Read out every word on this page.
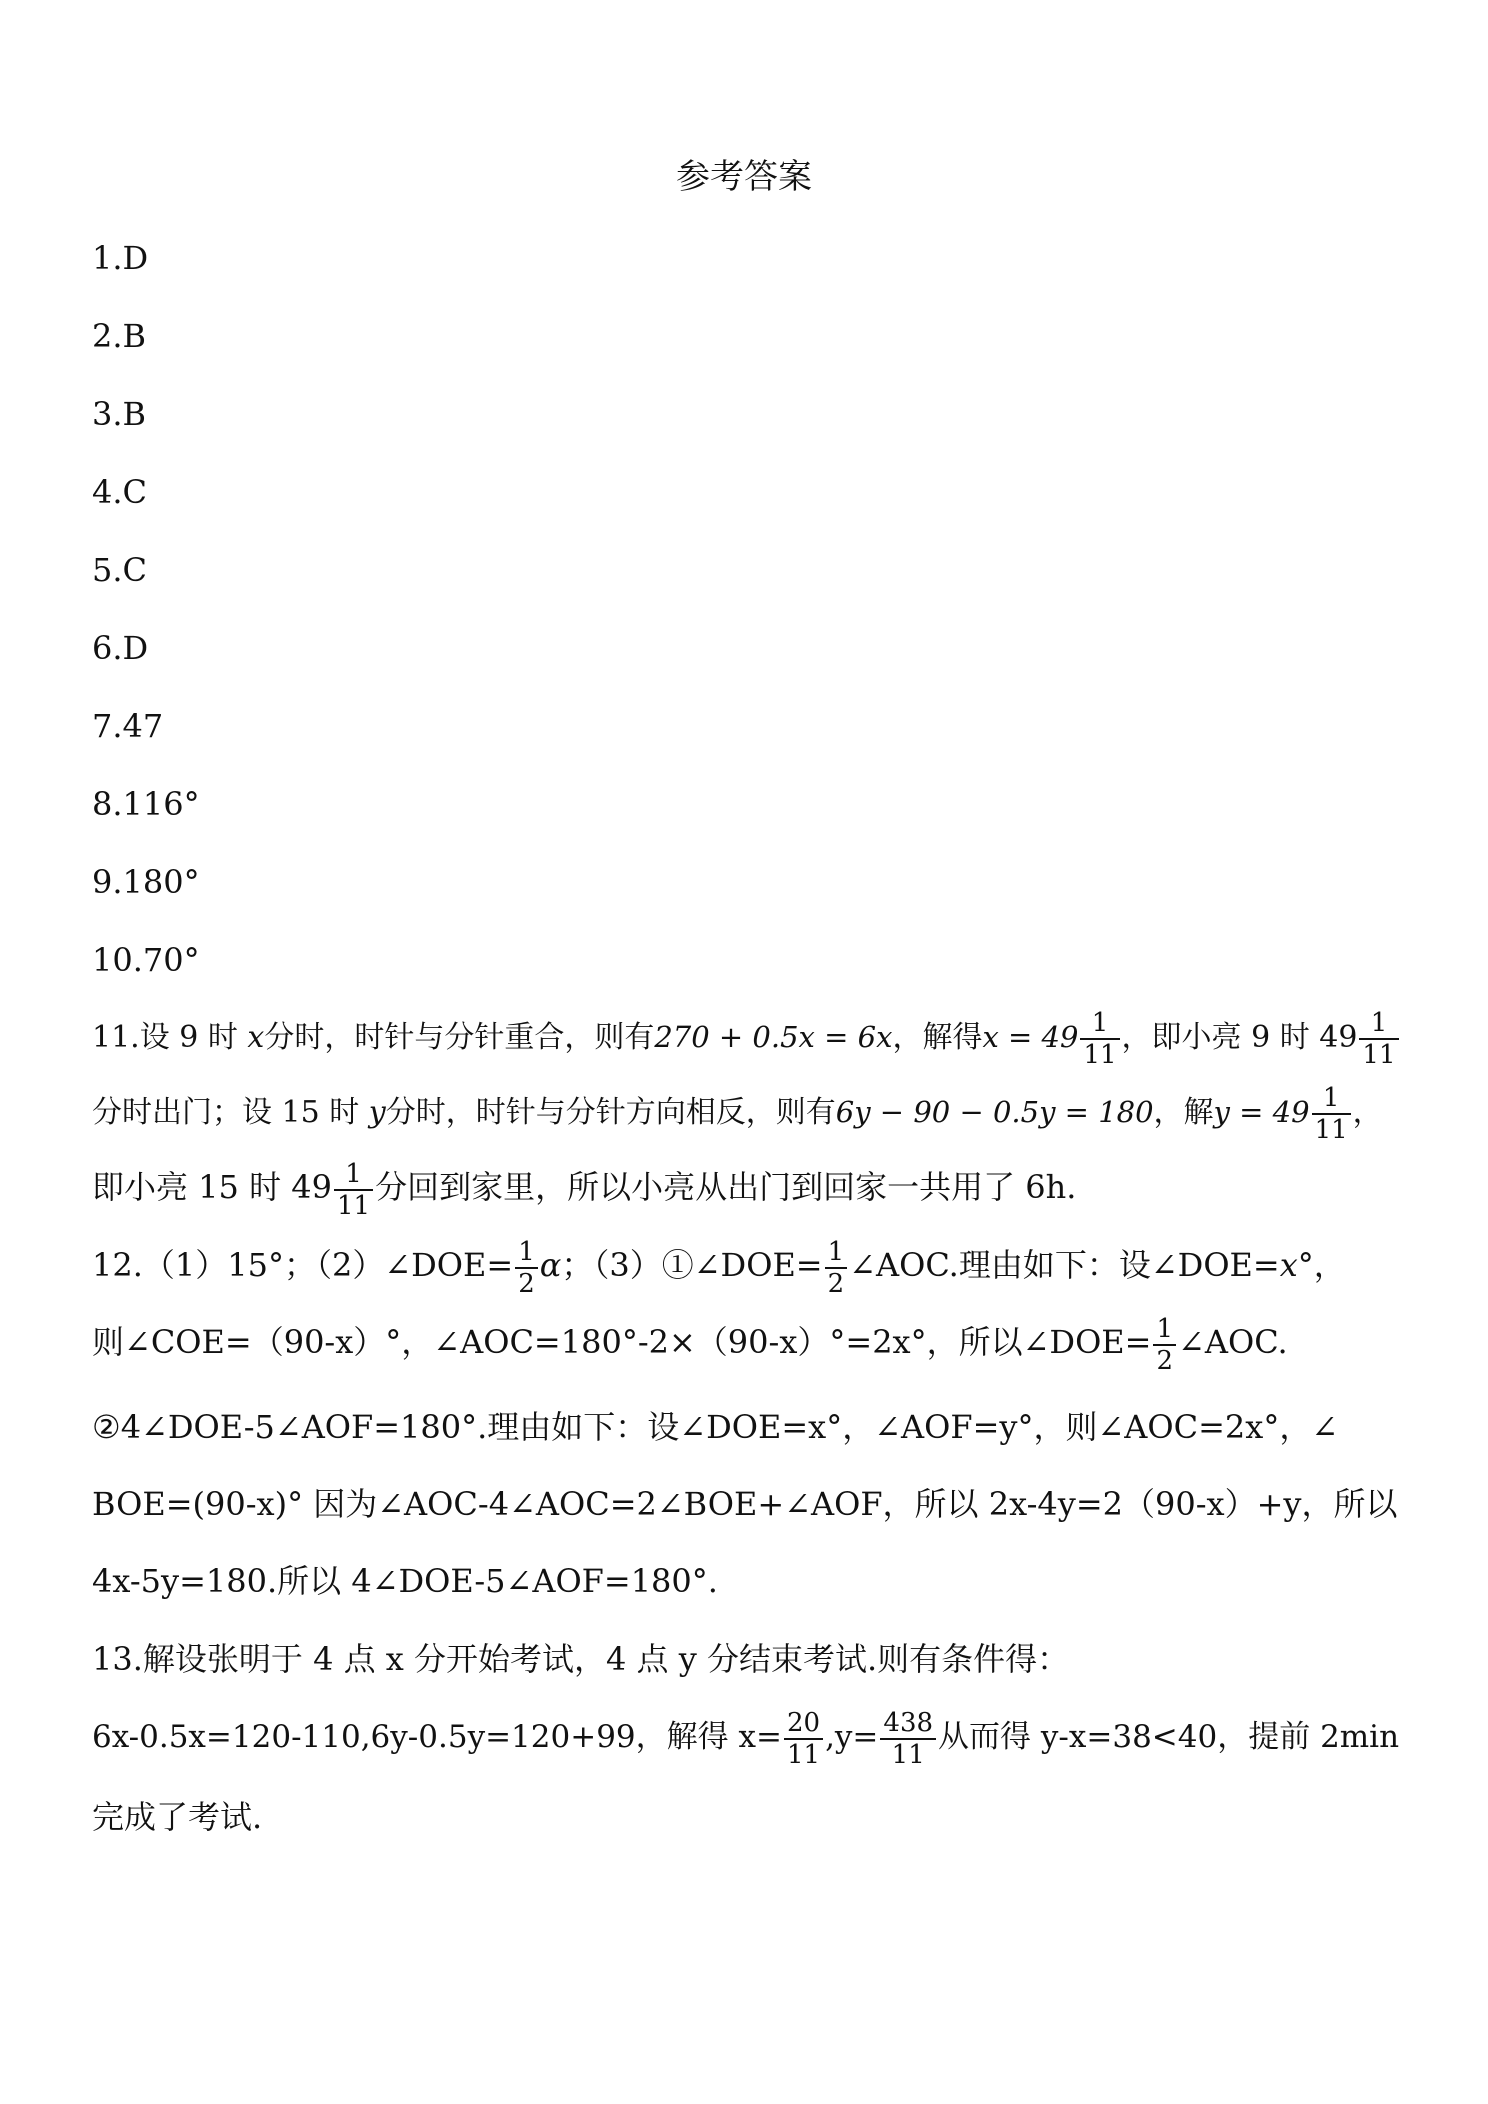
参考答案
1.D
2.B
3.B
4.C
5.C
6.D
7.47
8.116°
9.180°
10.70°
11.设 9 时 x分时，时针与分针重合，则有270 + 0.5x = 6x，解得$x = 49 \frac{1}{11}$ ，即小亮 9 时 $49 \frac{1}{11}$
分时出门；设 15 时 y分时，时针与分针方向相反，则有6y − 90 − 0.5y = 180，解$y = 49 \frac{1}{11}$ ，
即小亮 15 时 $49 \frac{1}{11}$ 分回到家里，所以小亮从出门到回家一共用了 6h.
12.（1）15°；（2）∠DOE= $\frac{1}{2}$ α；（3）①∠DOE= $\frac{1}{2}$ ∠AOC.理由如下：设∠DOE=x°，
则∠COE=（90-x）°，∠AOC=180°-2×（90-x）°=2x°，所以∠DOE= $\frac{1}{2}$ ∠AOC.
②4∠DOE-5∠AOF=180°.理由如下：设∠DOE=x°，∠AOF=y°，则∠AOC=2x°，∠
BOE=(90-x)° 因为∠AOC-4∠AOC=2∠BOE+∠AOF，所以 2x-4y=2（90-x）+y，所以
4x-5y=180.所以 4∠DOE-5∠AOF=180°.
13.解设张明于 4 点 x 分开始考试，4 点 y 分结束考试.则有条件得：
6x-0.5x=120-110,6y-0.5y=120+99，解得 $x= \frac{20}{11} ,y= \frac{438}{11}$ 从而得 y-x=38<40，提前 2min
完成了考试.
